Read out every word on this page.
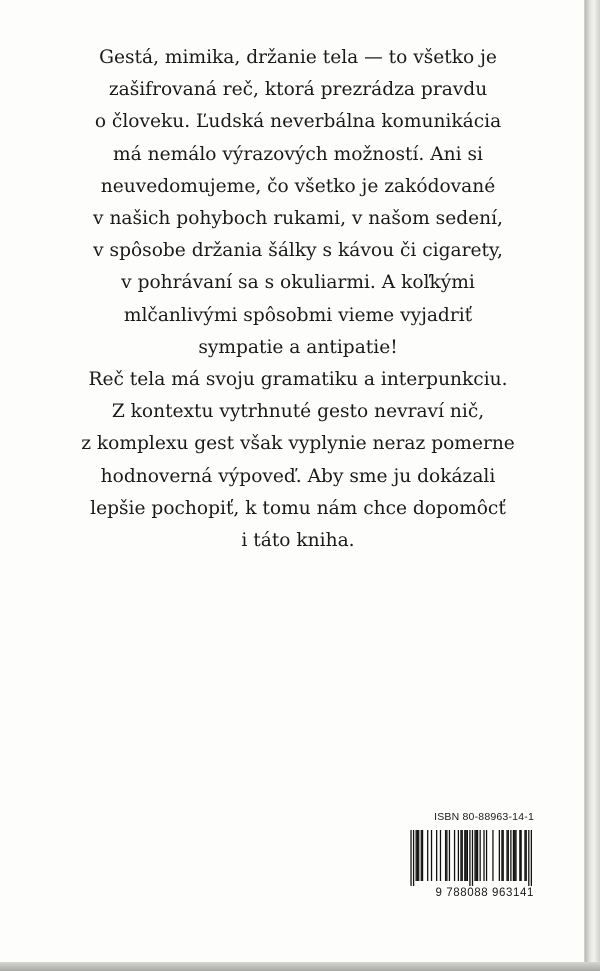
Gestá, mimika, držanie tela — to všetko je
zašifrovaná reč, ktorá prezrádza pravdu
o človeku. Ľudská neverbálna komunikácia
má nemálo výrazových možností. Ani si
neuvedomujeme, čo všetko je zakódované
v našich pohyboch rukami, v našom sedení,
v spôsobe držania šálky s kávou či cigarety,
v pohrávaní sa s okuliarmi. A koľkými
mlčanlivými spôsobmi vieme vyjadriť
sympatie a antipatie!
Reč tela má svoju gramatiku a interpunkciu.
Z kontextu vytrhnuté gesto nevraví nič,
z komplexu gest však vyplynie neraz pomerne
hodnoverná výpoveď. Aby sme ju dokázali
lepšie pochopiť, k tomu nám chce dopomôcť
i táto kniha.
ISBN 80-88963-14-1
9 788088 963141
